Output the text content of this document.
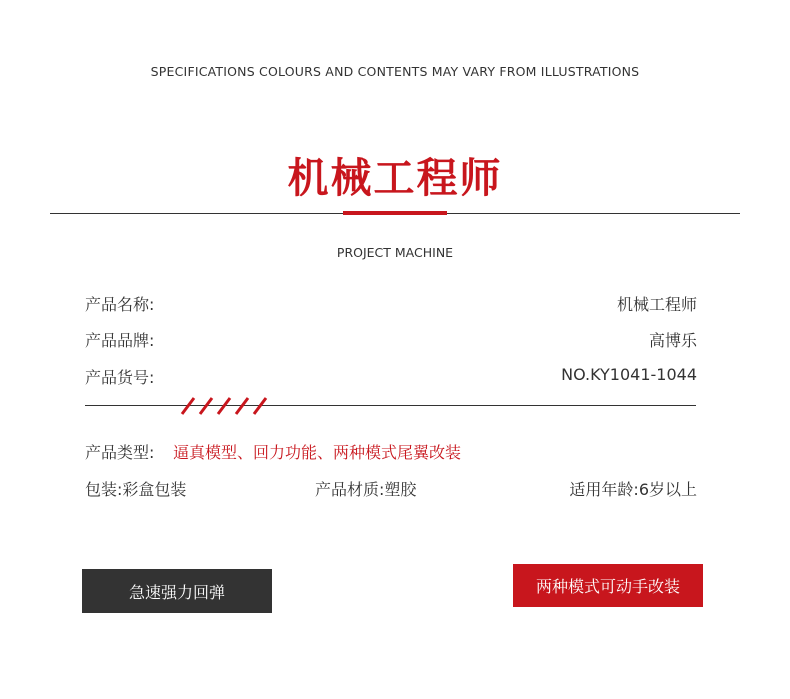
SPECIFICATIONS COLOURS AND CONTENTS MAY VARY FROM ILLUSTRATIONS
机械工程师
PROJECT MACHINE
产品名称:	机械工程师
产品品牌:	高博乐
产品货号:	NO.KY1041-1044
产品类型: 逼真模型、回力功能、两种模式尾翼改装
包装:彩盒包装	产品材质:塑胶	适用年龄:6岁以上
急速强力回弹	两种模式可动手改装
